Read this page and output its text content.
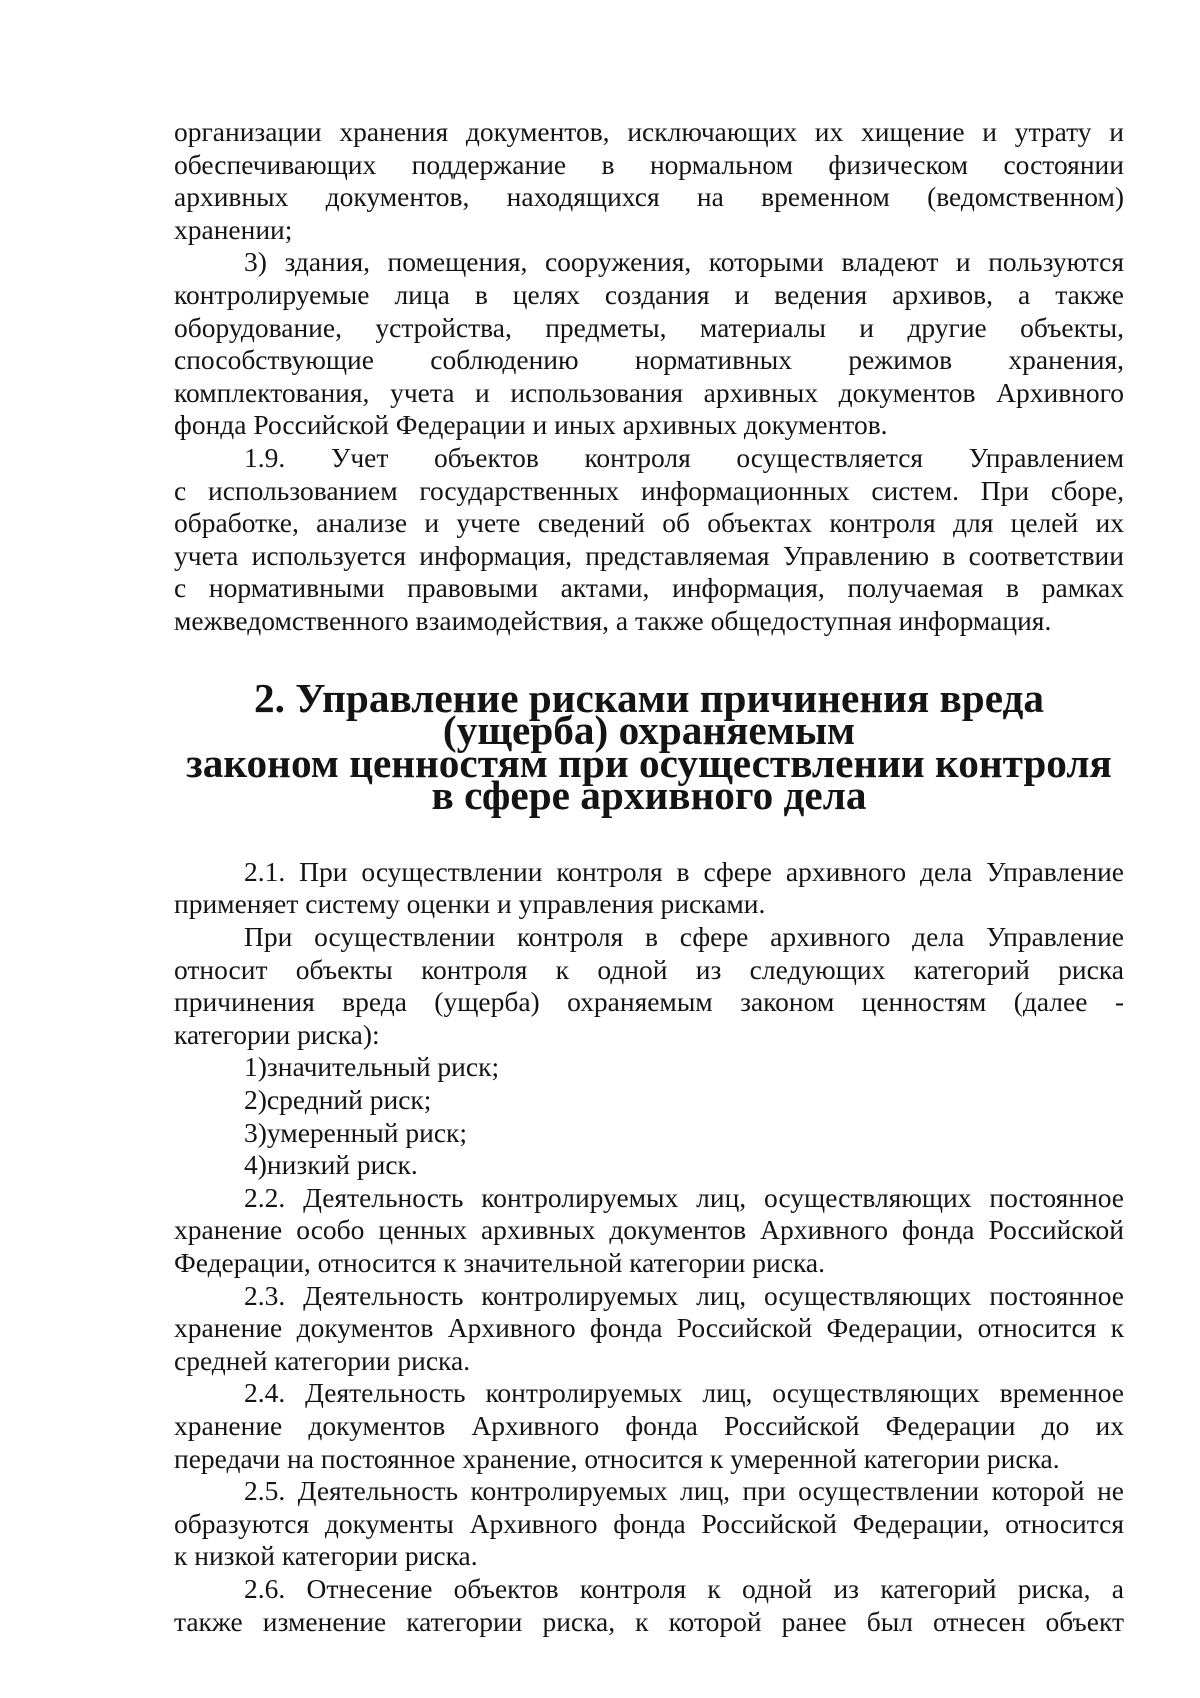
организации хранения документов, исключающих их хищение и утрату и

обеспечивающих поддержание в нормальном физическом состоянии

архивных документов, находящихся на временном (ведомственном)

хранении;

3) здания, помещения, сооружения, которыми владеют и пользуются

контролируемые лица в целях создания и ведения архивов, а также

оборудование, устройства, предметы, материалы и другие объекты,

способствующие соблюдению нормативных режимов хранения,

комплектования, учета и использования архивных документов Архивного

фонда Российской Федерации и иных архивных документов.

1.9. Учет объектов контроля осуществляется Управлением

с использованием государственных информационных систем. При сборе,

обработке, анализе и учете сведений об объектах контроля для целей их

учета используется информация, представляемая Управлению в соответствии

с нормативными правовыми актами, информация, получаемая в рамках

межведомственного взаимодействия, а также общедоступная информация.

2. Управление рисками причинения вреда (ущерба) охраняемым
законом ценностям при осуществлении контроля в сфере архивного дела

2.1. При осуществлении контроля в сфере архивного дела Управление

применяет систему оценки и управления рисками.

При осуществлении контроля в сфере архивного дела Управление

относит объекты контроля к одной из следующих категорий риска

причинения вреда (ущерба) охраняемым законом ценностям (далее -

категории риска):

1)значительный риск;

2)средний риск;

3)умеренный риск;

4)низкий риск.

2.2. Деятельность контролируемых лиц, осуществляющих постоянное

хранение особо ценных архивных документов Архивного фонда Российской

Федерации, относится к значительной категории риска.

2.3. Деятельность контролируемых лиц, осуществляющих постоянное

хранение документов Архивного фонда Российской Федерации, относится к

средней категории риска.

2.4. Деятельность контролируемых лиц, осуществляющих временное

хранение документов Архивного фонда Российской Федерации до их

передачи на постоянное хранение, относится к умеренной категории риска.

2.5. Деятельность контролируемых лиц, при осуществлении которой не

образуются документы Архивного фонда Российской Федерации, относится

к низкой категории риска.

2.6. Отнесение объектов контроля к одной из категорий риска, а

также изменение категории риска, к которой ранее был отнесен объект
